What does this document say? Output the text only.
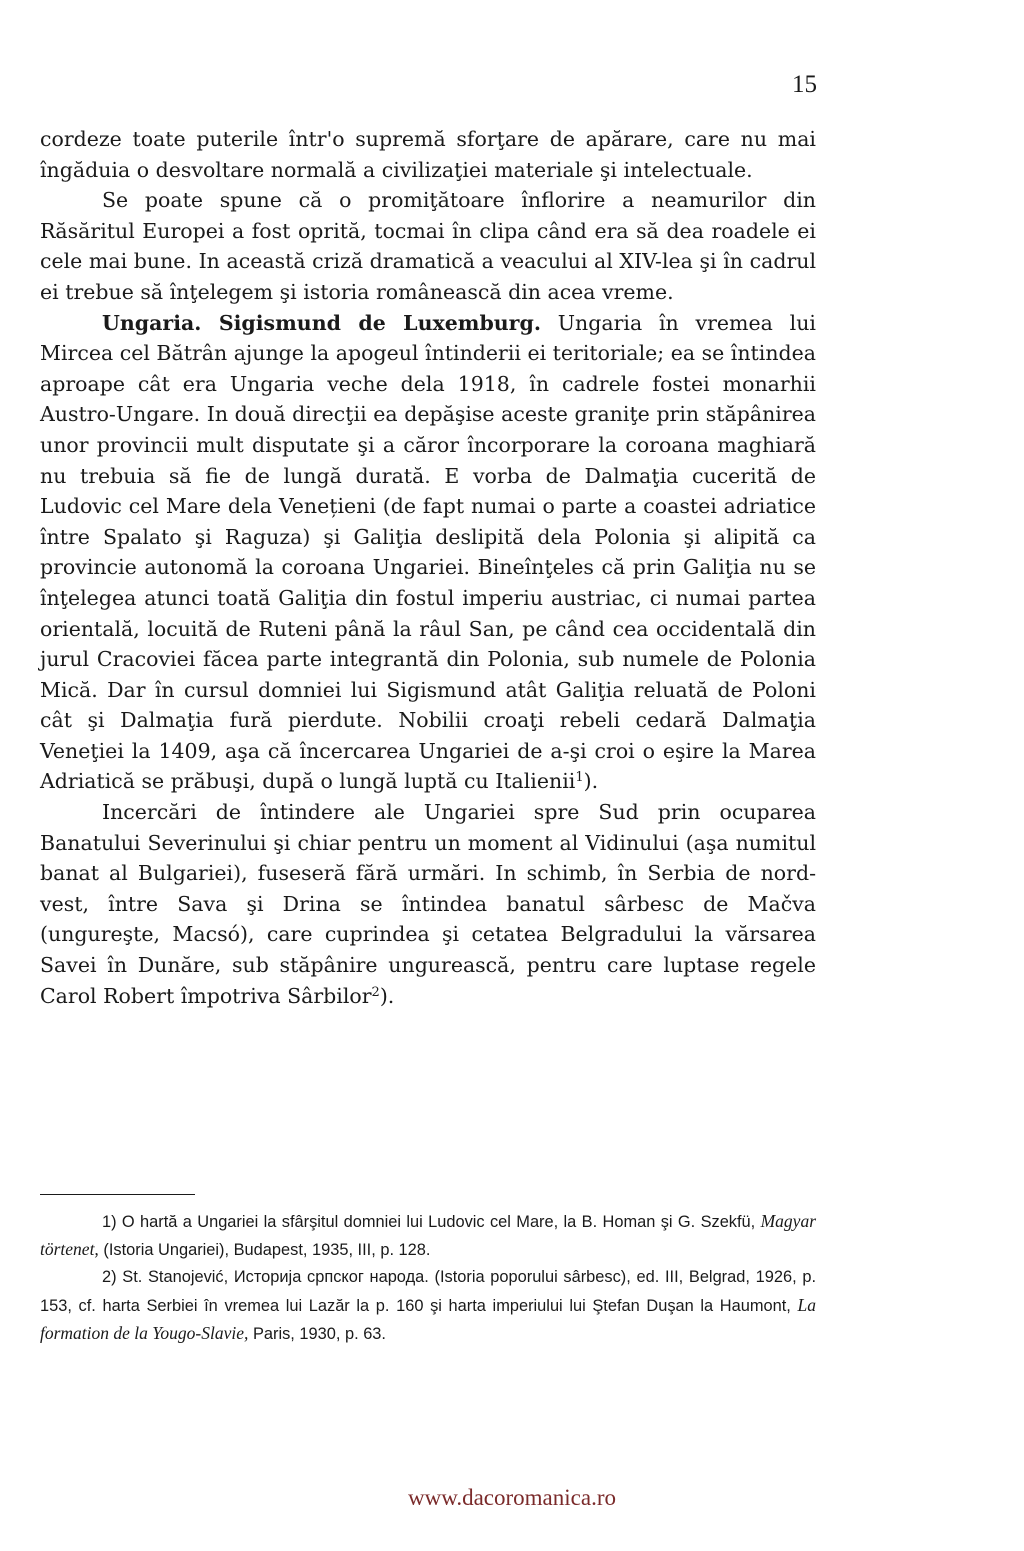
15

cordeze toate puterile într'o supremă sforţare de apărare, care nu mai îngăduia o desvoltare normală a civilizaţiei materiale şi intelectuale.

Se poate spune că o promiţătoare înflorire a neamurilor din Răsăritul Europei a fost oprită, tocmai în clipa când era să dea roadele ei cele mai bune. In această criză dramatică a veacului al XIV-lea şi în cadrul ei trebue să înţelegem şi istoria românească din acea vreme.

Ungaria. Sigismund de Luxemburg. Ungaria în vremea lui Mircea cel Bătrân ajunge la apogeul întinderii ei teritoriale; ea se întindea aproape cât era Ungaria veche dela 1918, în cadrele fostei monarhii Austro-Ungare. In două direcţii ea depăşise aceste graniţe prin stăpânirea unor provincii mult disputate şi a căror încorporare la coroana maghiară nu trebuia să fie de lungă durată. E vorba de Dalmaţia cucerită de Ludovic cel Mare dela Venețieni (de fapt numai o parte a coastei adriatice între Spalato şi Raguza) şi Galiţia deslipită dela Polonia şi alipită ca provincie autonomă la coroana Ungariei. Bineînţeles că prin Galiţia nu se înţelegea atunci toată Galiţia din fostul imperiu austriac, ci numai partea orientală, locuită de Ruteni până la râul San, pe când cea occidentală din jurul Cracoviei făcea parte integrantă din Polonia, sub numele de Polonia Mică. Dar în cursul domniei lui Sigismund atât Galiţia reluată de Poloni cât şi Dalmaţia fură pierdute. Nobilii croaţi rebeli cedară Dalmaţia Veneţiei la 1409, aşa că încercarea Ungariei de a-şi croi o eşire la Marea Adriatică se prăbuşi, după o lungă luptă cu Italienii$^1$).

Incercări de întindere ale Ungariei spre Sud prin ocuparea Banatului Severinului şi chiar pentru un moment al Vidinului (aşa numitul banat al Bulgariei), fuseseră fără urmări. In schimb, în Serbia de nord-vest, între Sava şi Drina se întindea banatul sârbesc de Mačva (ungureşte, Macsó), care cuprindea şi cetatea Belgradului la vărsarea Savei în Dunăre, sub stăpânire ungurească, pentru care luptase regele Carol Robert împotriva Sârbilor$^2$).

1) O hartă a Ungariei la sfârşitul domniei lui Ludovic cel Mare, la B. Homan şi G. Szekfü, Magyar törtenet, (Istoria Ungariei), Budapest, 1935, III, p. 128.

2) St. Stanojević, Историја српског народа. (Istoria poporului sârbesc), ed. III, Belgrad, 1926, p. 153, cf. harta Serbiei în vremea lui Lazăr la p. 160 şi harta imperiului lui Ştefan Duşan la Haumont, La formation de la Yougo-Slavie, Paris, 1930, p. 63.

www.dacoromanica.ro
